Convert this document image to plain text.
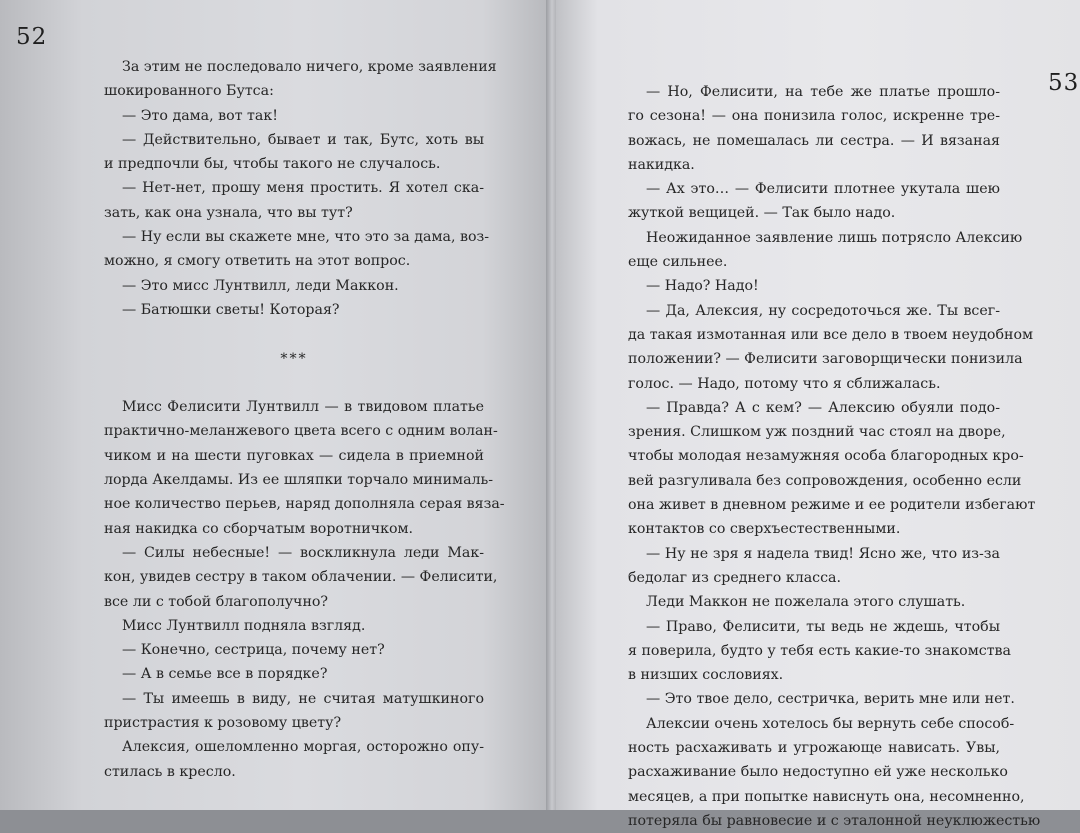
52
За этим не последовало ничего, кроме заявления
шокированного Бутса:
— Это дама, вот так!
— Действительно, бывает и так, Бутс, хоть вы
и предпочли бы, чтобы такого не случалось.
— Нет-нет, прошу меня простить. Я хотел ска-
зать, как она узнала, что вы тут?
— Ну если вы скажете мне, что это за дама, воз-
можно, я смогу ответить на этот вопрос.
— Это мисс Лунтвилл, леди Маккон.
— Батюшки светы! Которая?
***
Мисс Фелисити Лунтвилл — в твидовом платье
практично-меланжевого цвета всего с одним волан-
чиком и на шести пуговках — сидела в приемной
лорда Акелдамы. Из ее шляпки торчало минималь-
ное количество перьев, наряд дополняла серая вяза-
ная накидка со сборчатым воротничком.
— Силы небесные! — воскликнула леди Мак-
кон, увидев сестру в таком облачении. — Фелисити,
все ли с тобой благополучно?
Мисс Лунтвилл подняла взгляд.
— Конечно, сестрица, почему нет?
— А в семье все в порядке?
— Ты имеешь в виду, не считая матушкиного
пристрастия к розовому цвету?
Алексия, ошеломленно моргая, осторожно опу-
стилась в кресло.
53
— Но, Фелисити, на тебе же платье прошло-
го сезона! — она понизила голос, искренне тре-
вожась, не помешалась ли сестра. — И вязаная
накидка.
— Ах это… — Фелисити плотнее укутала шею
жуткой вещицей. — Так было надо.
Неожиданное заявление лишь потрясло Алексию
еще сильнее.
— Надо? Надо!
— Да, Алексия, ну сосредоточься же. Ты всег-
да такая измотанная или все дело в твоем неудобном
положении? — Фелисити заговорщически понизила
голос. — Надо, потому что я сближалась.
— Правда? А с кем? — Алексию обуяли подо-
зрения. Слишком уж поздний час стоял на дворе,
чтобы молодая незамужняя особа благородных кро-
вей разгуливала без сопровождения, особенно если
она живет в дневном режиме и ее родители избегают
контактов со сверхъестественными.
— Ну не зря я надела твид! Ясно же, что из-за
бедолаг из среднего класса.
Леди Маккон не пожелала этого слушать.
— Право, Фелисити, ты ведь не ждешь, чтобы
я поверила, будто у тебя есть какие-то знакомства
в низших сословиях.
— Это твое дело, сестричка, верить мне или нет.
Алексии очень хотелось бы вернуть себе способ-
ность расхаживать и угрожающе нависать. Увы,
расхаживание было недоступно ей уже несколько
месяцев, а при попытке нависнуть она, несомненно,
потеряла бы равновесие и с эталонной неуклюжестью
